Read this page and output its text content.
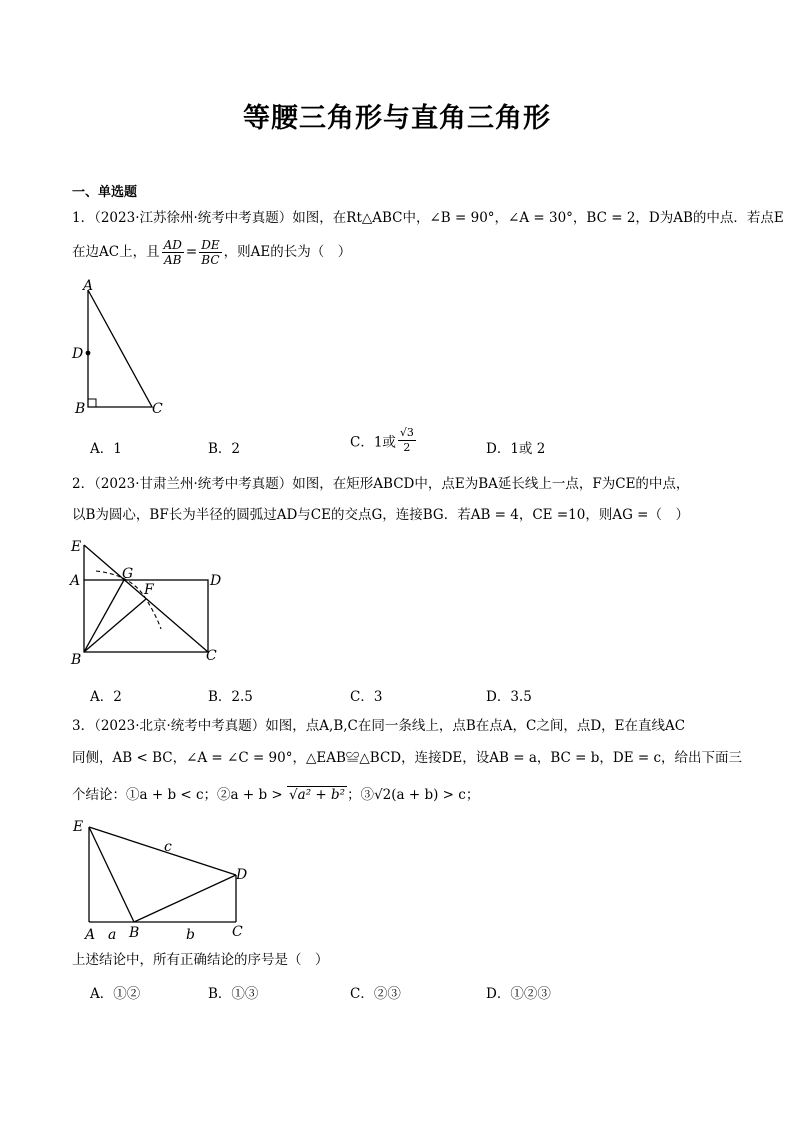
等腰三角形与直角三角形
一、单选题
1．（2023·江苏徐州·统考中考真题）如图，在Rt△ABC中，∠B = 90°，∠A = 30°，BC = 2，D为AB的中点．若点E
在边AC上，且 $\frac{AD}{AB} = \frac{DE}{BC}$ ，则AE的长为（　）
A
D
B	C
A．1	B．2	C．1或 $\frac{√3}{2}$	D．1或 2
2．（2023·甘肃兰州·统考中考真题）如图，在矩形ABCD中，点E为BA延长线上一点，F为CE的中点，
以B为圆心，BF长为半径的圆弧过AD与CE的交点G，连接BG．若AB = 4，CE =10，则AG =（　）
E
A	G
F
D
B	C
A．2	B．2.5	C．3	D．3.5
3．（2023·北京·统考中考真题）如图，点A,B,C在同一条线上，点B在点A，C之间，点D，E在直线AC
同侧，AB < BC，∠A = ∠C = 90°，△EAB≌△BCD，连接DE，设AB = a，BC = b，DE = c，给出下面三
个结论：①a + b < c；②a + b > √a² + b² ；③√2(a + b) > c；
E
D
c
A a B	b	C
上述结论中，所有正确结论的序号是（　）
A．①②	B．①③	C．②③	D．①②③
